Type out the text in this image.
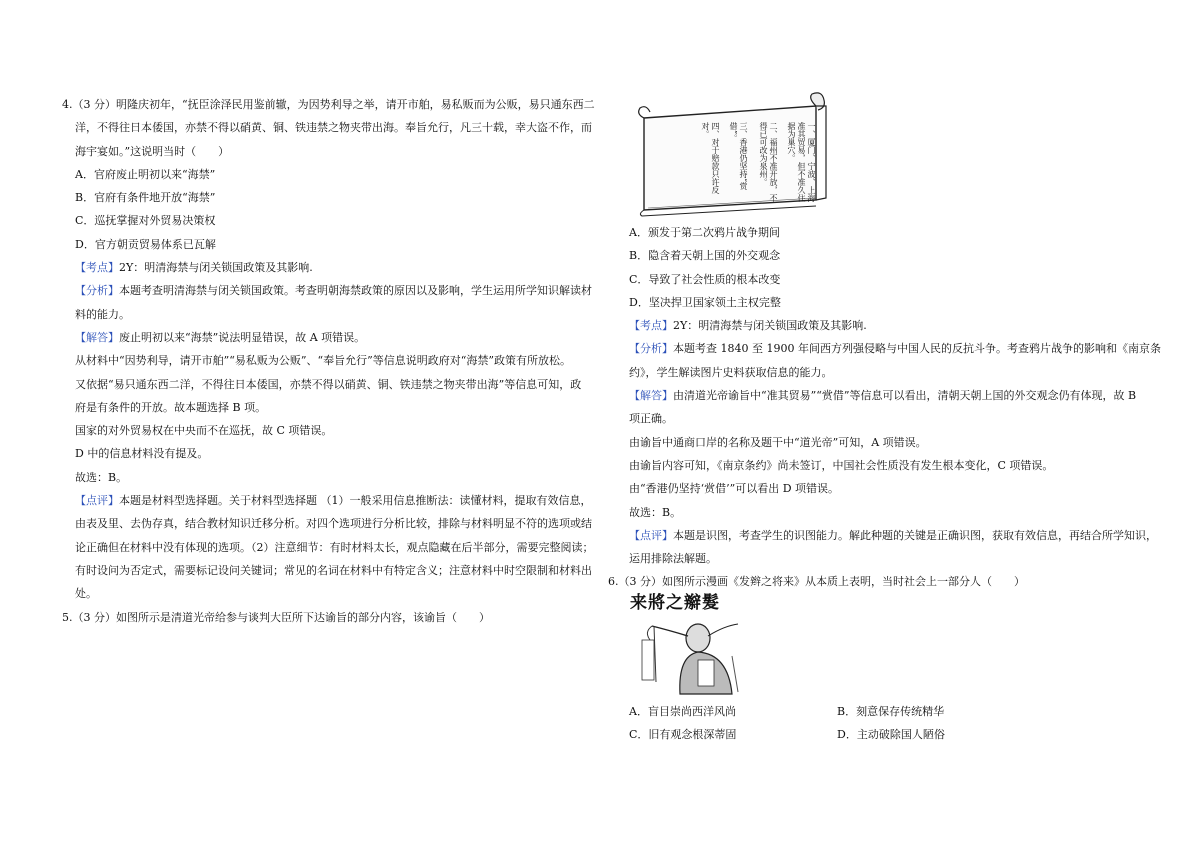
4.（3 分）明隆庆初年，“抚臣涂泽民用鉴前辙，为因势利导之举，请开市舶，易私贩而为公贩，易只通东西二
洋，不得往日本倭国，亦禁不得以硝黄、铜、铁违禁之物夹带出海。奉旨允行，凡三十载，幸大盗不作，而
海宇宴如。”这说明当时（　　）
A．官府废止明初以来“海禁”
B．官府有条件地开放“海禁”
C．巡抚掌握对外贸易决策权
D．官方朝贡贸易体系已瓦解
【考点】2Y：明清海禁与闭关锁国政策及其影响.
【分析】本题考查明清海禁与闭关锁国政策。考查明朝海禁政策的原因以及影响，学生运用所学知识解读材
料的能力。
【解答】废止明初以来“海禁”说法明显错误，故 A 项错误。
从材料中“因势利导，请开市舶”“易私贩为公贩”、“奉旨允行”等信息说明政府对“海禁”政策有所放松。
又依据“易只通东西二洋，不得往日本倭国，亦禁不得以硝黄、铜、铁违禁之物夹带出海”等信息可知，政
府是有条件的开放。故本题选择 B 项。
国家的对外贸易权在中央而不在巡抚，故 C 项错误。
D 中的信息材料没有提及。
故选：B。
【点评】本题是材料型选择题。关于材料型选择题 （1）一般采用信息推断法：读懂材料，提取有效信息，
由表及里、去伪存真，结合教材知识迁移分析。对四个选项进行分析比较，排除与材料明显不符的选项或结
论正确但在材料中没有体现的选项。（2）注意细节：有时材料太长，观点隐藏在后半部分，需要完整阅读；
有时设问为否定式，需要标记设问关键词；常见的名词在材料中有特定含义；注意材料中时空限制和材料出
处。
5.（3 分）如图所示是清道光帝给参与谈判大臣所下达谕旨的部分内容，该谕旨（　　）
一、厦门、宁波、上海准其贸易，但不准久住据为巢穴。
二、福州不准开放，不得已可改为泉州。
三、香港仍坚持“赏借”。
四、对于赔款只许反对。
A．颁发于第二次鸦片战争期间
B．隐含着天朝上国的外交观念
C．导致了社会性质的根本改变
D．坚决捍卫国家领土主权完整
【考点】2Y：明清海禁与闭关锁国政策及其影响.
【分析】本题考查 1840 至 1900 年间西方列强侵略与中国人民的反抗斗争。考查鸦片战争的影响和《南京条
约》，学生解读图片史料获取信息的能力。
【解答】由清道光帝谕旨中“准其贸易”“赏借”等信息可以看出，清朝天朝上国的外交观念仍有体现，故 B
项正确。
由谕旨中通商口岸的名称及题干中“道光帝”可知，A 项错误。
由谕旨内容可知，《南京条约》尚未签订，中国社会性质没有发生根本变化，C 项错误。
由“香港仍坚持‘赏借’”可以看出 D 项错误。
故选：B。
【点评】本题是识图，考查学生的识图能力。解此种题的关键是正确识图，获取有效信息，再结合所学知识，
运用排除法解题。
6.（3 分）如图所示漫画《发辫之将来》从本质上表明，当时社会上一部分人（　　）
来將之辮髮
A．盲目崇尚西洋风尚	B．刻意保存传统精华
C．旧有观念根深蒂固	D．主动破除国人陋俗
